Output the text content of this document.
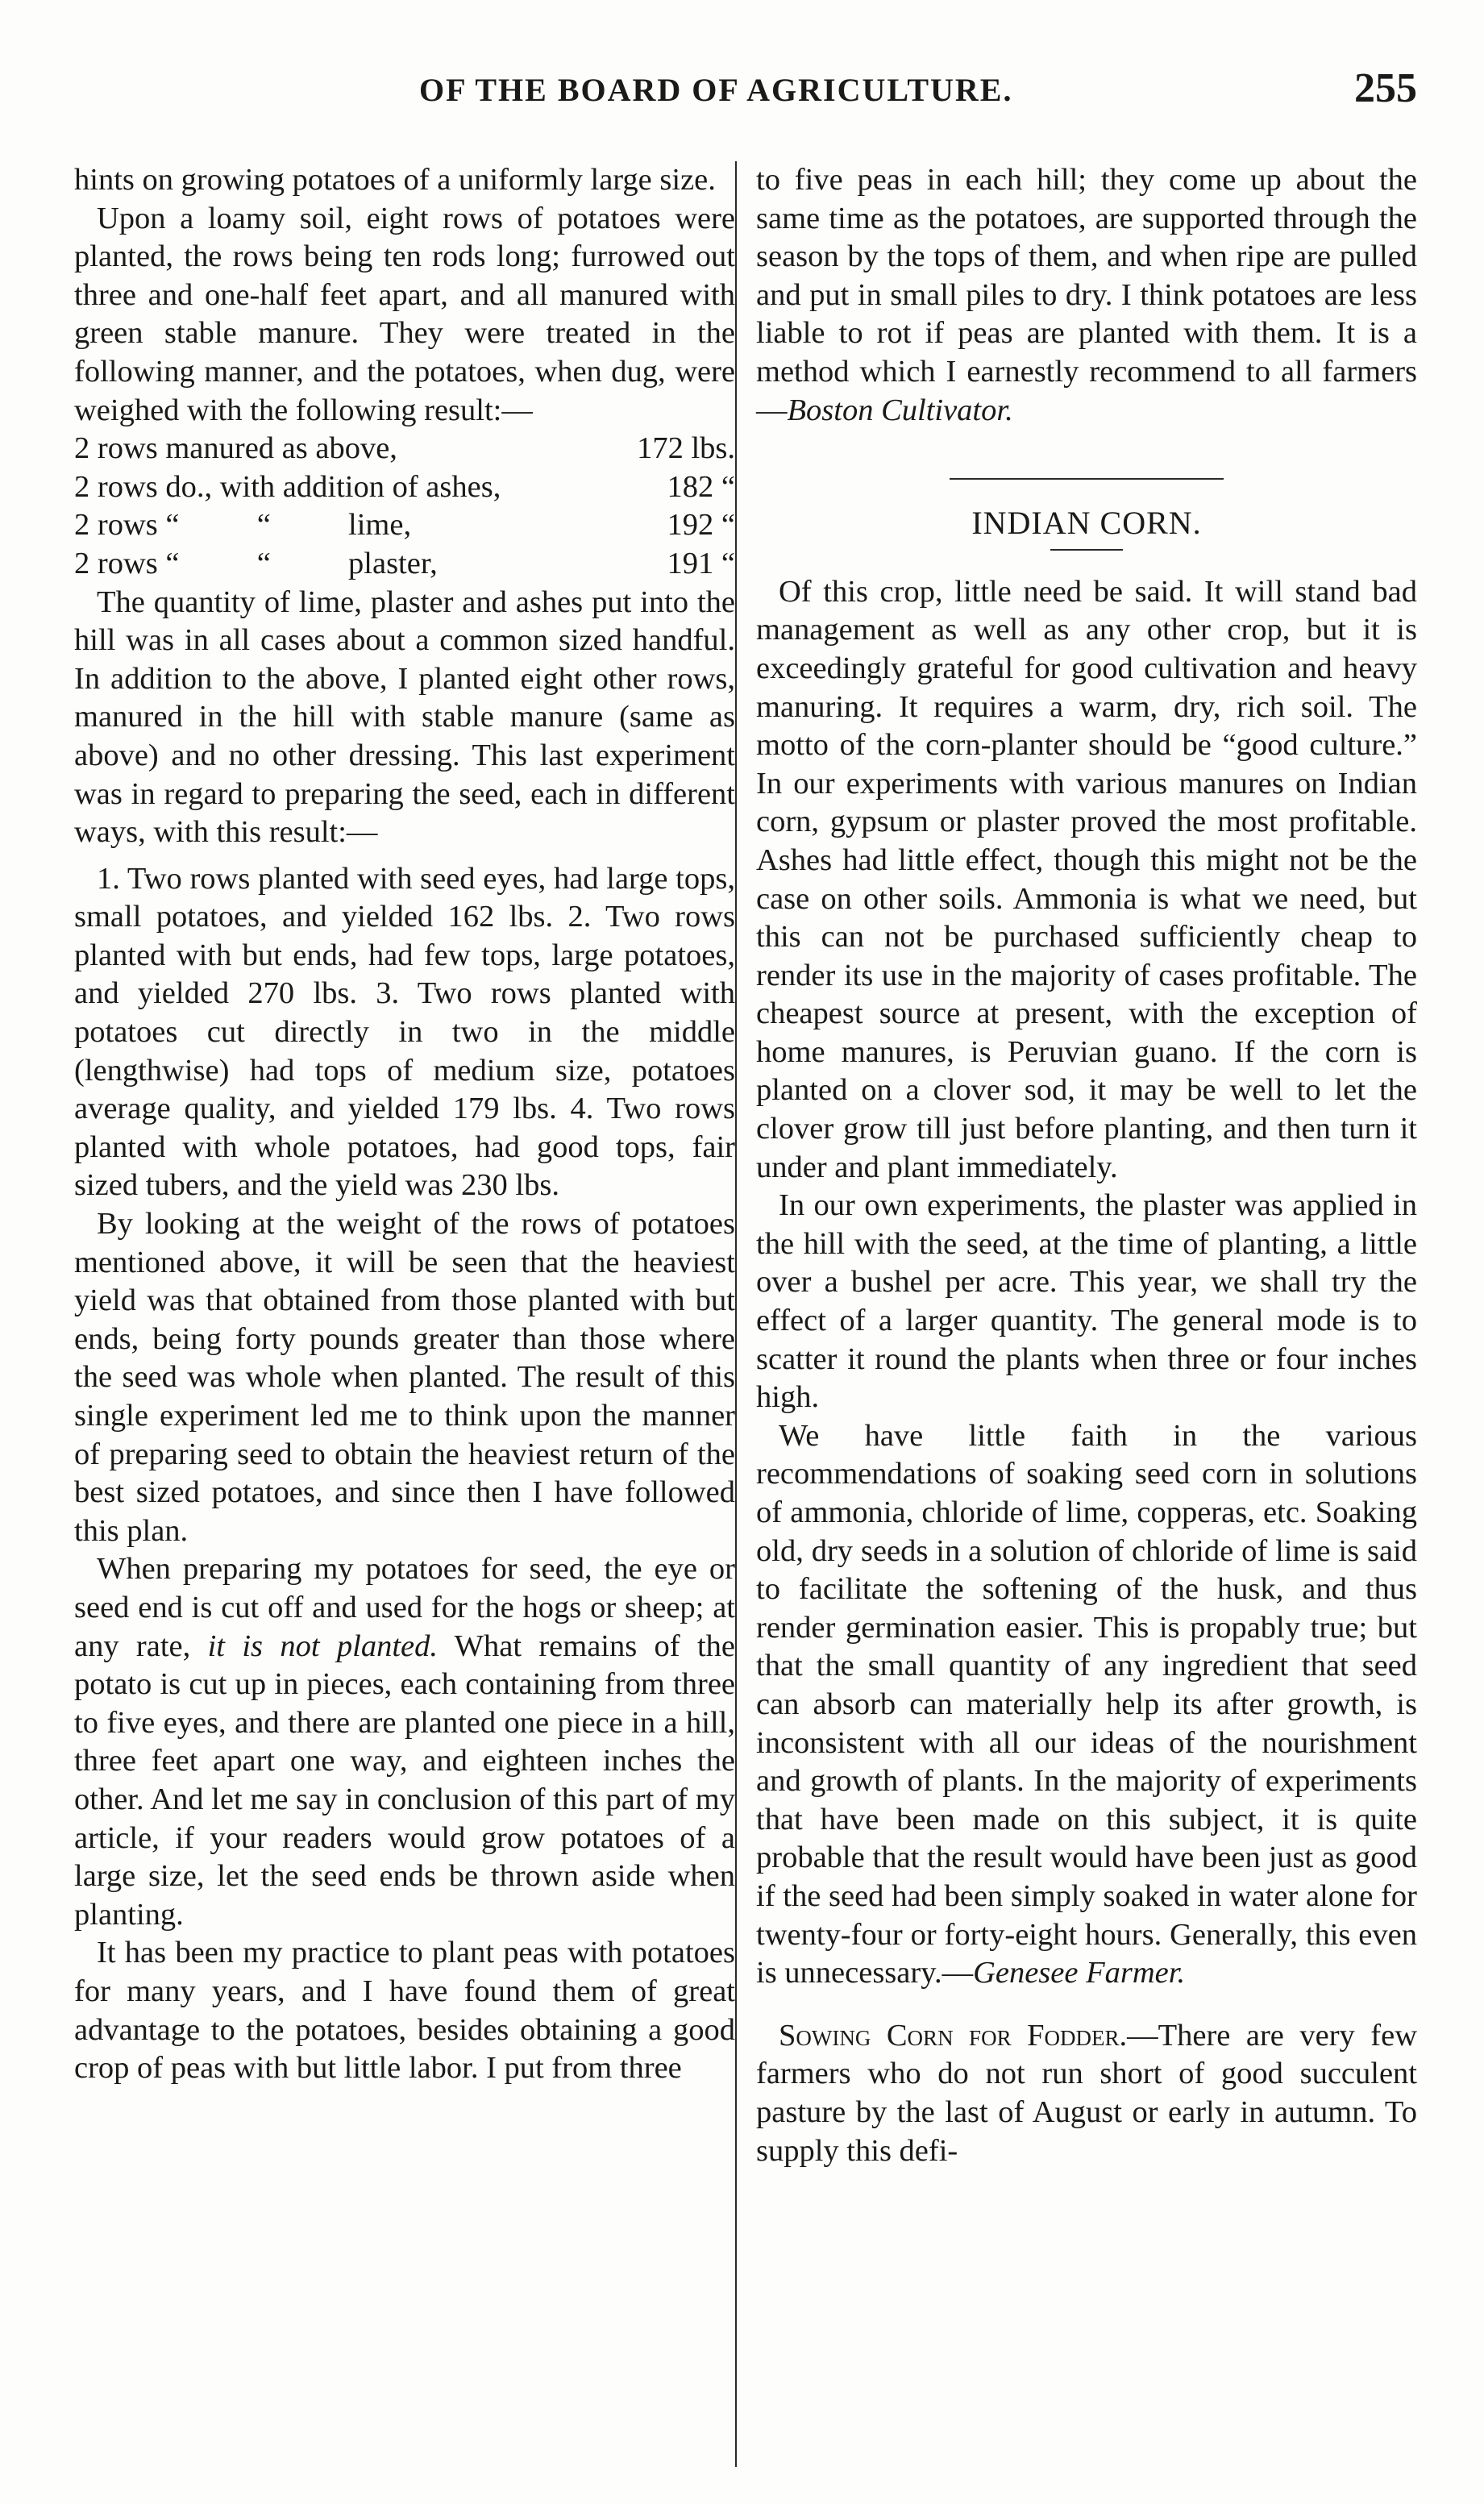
OF THE BOARD OF AGRICULTURE.	255

hints on growing potatoes of a uniformly large size.

Upon a loamy soil, eight rows of potatoes were planted, the rows being ten rods long; furrowed out three and one-half feet apart, and all manured with green stable manure. They were treated in the following manner, and the potatoes, when dug, were weighed with the following result:—

2 rows manured as above,	172 lbs.
2 rows do., with addition of ashes,	182 “
2 rows “          “          lime,	192 “
2 rows “          “          plaster,	191 “

The quantity of lime, plaster and ashes put into the hill was in all cases about a common sized handful. In addition to the above, I planted eight other rows, manured in the hill with stable manure (same as above) and no other dressing. This last experiment was in regard to preparing the seed, each in different ways, with this result:—

1. Two rows planted with seed eyes, had large tops, small potatoes, and yielded 162 lbs. 2. Two rows planted with but ends, had few tops, large potatoes, and yielded 270 lbs. 3. Two rows planted with potatoes cut directly in two in the middle (lengthwise) had tops of medium size, potatoes average quality, and yielded 179 lbs. 4. Two rows planted with whole potatoes, had good tops, fair sized tubers, and the yield was 230 lbs.

By looking at the weight of the rows of potatoes mentioned above, it will be seen that the heaviest yield was that obtained from those planted with but ends, being forty pounds greater than those where the seed was whole when planted. The result of this single experiment led me to think upon the manner of preparing seed to obtain the heaviest return of the best sized potatoes, and since then I have followed this plan.

When preparing my potatoes for seed, the eye or seed end is cut off and used for the hogs or sheep; at any rate, it is not planted. What remains of the potato is cut up in pieces, each containing from three to five eyes, and there are planted one piece in a hill, three feet apart one way, and eighteen inches the other. And let me say in conclusion of this part of my article, if your readers would grow potatoes of a large size, let the seed ends be thrown aside when planting.

It has been my practice to plant peas with potatoes for many years, and I have found them of great advantage to the potatoes, besides obtaining a good crop of peas with but little labor. I put from three

to five peas in each hill; they come up about the same time as the potatoes, are supported through the season by the tops of them, and when ripe are pulled and put in small piles to dry. I think potatoes are less liable to rot if peas are planted with them. It is a method which I earnestly recommend to all farmers—Boston Cultivator.

INDIAN CORN.

Of this crop, little need be said. It will stand bad management as well as any other crop, but it is exceedingly grateful for good cultivation and heavy manuring. It requires a warm, dry, rich soil. The motto of the corn-planter should be “good culture.” In our experiments with various manures on Indian corn, gypsum or plaster proved the most profitable. Ashes had little effect, though this might not be the case on other soils. Ammonia is what we need, but this can not be purchased sufficiently cheap to render its use in the majority of cases profitable. The cheapest source at present, with the exception of home manures, is Peruvian guano. If the corn is planted on a clover sod, it may be well to let the clover grow till just before planting, and then turn it under and plant immediately.

In our own experiments, the plaster was applied in the hill with the seed, at the time of planting, a little over a bushel per acre. This year, we shall try the effect of a larger quantity. The general mode is to scatter it round the plants when three or four inches high.

We have little faith in the various recommendations of soaking seed corn in solutions of ammonia, chloride of lime, copperas, etc. Soaking old, dry seeds in a solution of chloride of lime is said to facilitate the softening of the husk, and thus render germination easier. This is propably true; but that the small quantity of any ingredient that seed can absorb can materially help its after growth, is inconsistent with all our ideas of the nourishment and growth of plants. In the majority of experiments that have been made on this subject, it is quite probable that the result would have been just as good if the seed had been simply soaked in water alone for twenty-four or forty-eight hours. Generally, this even is unnecessary.—Genesee Farmer.

Sowing Corn for Fodder.—There are very few farmers who do not run short of good succulent pasture by the last of August or early in autumn. To supply this defi-
